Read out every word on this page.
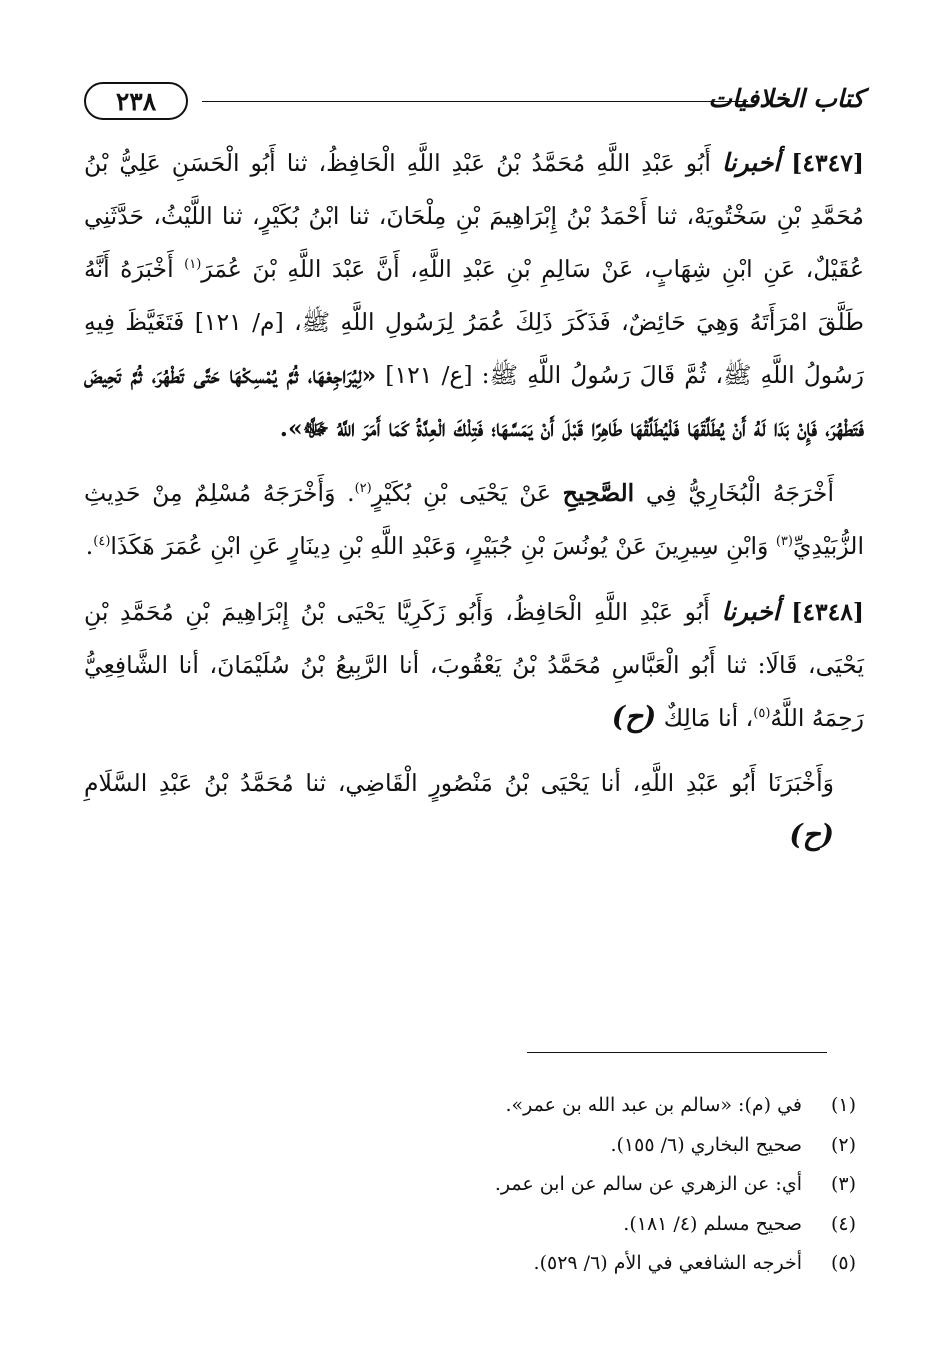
٢٣٨	كتاب الخلافيات

[٤٣٤٧] أخبرنا أَبُو عَبْدِ اللَّهِ مُحَمَّدُ بْنُ عَبْدِ اللَّهِ الْحَافِظُ، ثنا أَبُو الْحَسَنِ عَلِيُّ بْنُ مُحَمَّدِ بْنِ سَخْتُويَهْ، ثنا أَحْمَدُ بْنُ إِبْرَاهِيمَ بْنِ مِلْحَانَ، ثنا ابْنُ بُكَيْرٍ، ثنا اللَّيْثُ، حَدَّثَنِي عُقَيْلٌ، عَنِ ابْنِ شِهَابٍ، عَنْ سَالِمِ بْنِ عَبْدِ اللَّهِ، أَنَّ عَبْدَ اللَّهِ بْنَ عُمَرَ$^{(١)}$ أَخْبَرَهُ أَنَّهُ طَلَّقَ امْرَأَتَهُ وَهِيَ حَائِضٌ، فَذَكَرَ ذَلِكَ عُمَرُ لِرَسُولِ اللَّهِ ﷺ، [م/ ١٢١] فَتَغَيَّظَ فِيهِ رَسُولُ اللَّهِ ﷺ، ثُمَّ قَالَ رَسُولُ اللَّهِ ﷺ: [ع/ ١٢١] «لِيُرَاجِعْهَا، ثُمَّ يُمْسِكْهَا حَتَّى تَطْهُرَ، ثُمَّ تَحِيضَ فَتَطْهُرَ، فَإِنْ بَدَا لَهُ أَنْ يُطَلِّقَهَا فَلْيُطَلِّقْهَا طَاهِرًا قَبْلَ أَنْ يَمَسَّهَا؛ فَتِلْكَ الْعِدَّةُ كَمَا أَمَرَ اللَّهُ ﷻ».

أَخْرَجَهُ الْبُخَارِيُّ فِي الصَّحِيحِ عَنْ يَحْيَى بْنِ بُكَيْرٍ$^{(٢)}$. وَأَخْرَجَهُ مُسْلِمٌ مِنْ حَدِيثِ الزُّبَيْدِيِّ$^{(٣)}$ وَابْنِ سِيرِينَ عَنْ يُونُسَ بْنِ جُبَيْرٍ، وَعَبْدِ اللَّهِ بْنِ دِينَارٍ عَنِ ابْنِ عُمَرَ هَكَذَا$^{(٤)}$.

[٤٣٤٨] أخبرنا أَبُو عَبْدِ اللَّهِ الْحَافِظُ، وَأَبُو زَكَرِيَّا يَحْيَى بْنُ إِبْرَاهِيمَ بْنِ مُحَمَّدِ بْنِ يَحْيَى، قَالَا: ثنا أَبُو الْعَبَّاسِ مُحَمَّدُ بْنُ يَعْقُوبَ، أنا الرَّبِيعُ بْنُ سُلَيْمَانَ، أنا الشَّافِعِيُّ رَحِمَهُ اللَّهُ$^{(٥)}$، أنا مَالِكٌ (ح)

وَأَخْبَرَنَا أَبُو عَبْدِ اللَّهِ، أنا يَحْيَى بْنُ مَنْصُورٍ الْقَاضِي، ثنا مُحَمَّدُ بْنُ عَبْدِ السَّلَامِ (ح)

(١)
في (م): «سالم بن عبد الله بن عمر».
(٢)
صحيح البخاري (٦/ ١٥٥).
(٣)
أي: عن الزهري عن سالم عن ابن عمر.
(٤)
صحيح مسلم (٤/ ١٨١).
(٥)
أخرجه الشافعي في الأم (٦/ ٥٢٩).
